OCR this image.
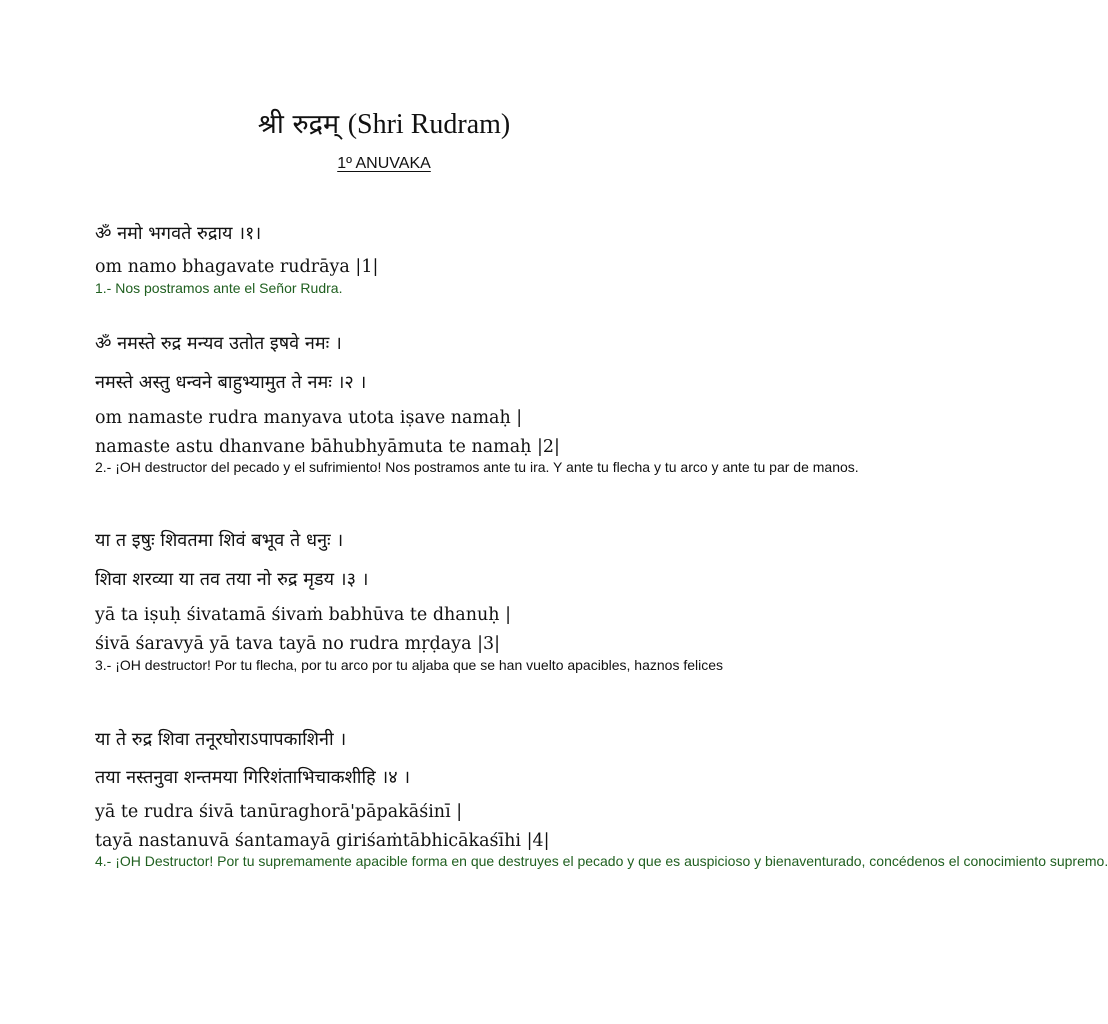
श्री रुद्रम् (Shri Rudram)
1º ANUVAKA
ॐ नमो भगवते रुद्राय ।१।
om namo bhagavate rudrāya |1|
1.- Nos postramos ante el Señor Rudra.
ॐ नमस्ते रुद्र मन्यव उतोत इषवे नमः ।
नमस्ते अस्तु धन्वने बाहुभ्यामुत ते नमः ।२ ।
om namaste rudra manyava utota iṣave namaḥ |
namaste astu dhanvane bāhubhyāmuta te namaḥ |2|
2.- ¡OH destructor del pecado y el sufrimiento! Nos postramos ante tu ira. Y ante tu flecha y tu arco y ante tu par de manos.
या त इषुः शिवतमा शिवं बभूव ते धनुः ।
शिवा शरव्या या तव तया नो रुद्र मृडय ।३ ।
yā ta iṣuḥ śivatamā śivaṁ babhūva te dhanuḥ |
śivā śaravyā yā tava tayā no rudra mṛḍaya |3|
3.- ¡OH destructor! Por tu flecha, por tu arco por tu aljaba que se han vuelto apacibles, haznos felices
या ते रुद्र शिवा तनूरघोराऽपापकाशिनी ।
तया नस्तनुवा शन्तमया गिरिशंताभिचाकशीहि ।४ ।
yā te rudra śivā tanūraghorā'pāpakāśinī |
tayā nastanuvā śantamayā giriśaṁtābhicākaśīhi |4|
4.- ¡OH Destructor! Por tu supremamente apacible forma en que destruyes el pecado y que es auspicioso y bienaventurado, concédenos el conocimiento supremo.
